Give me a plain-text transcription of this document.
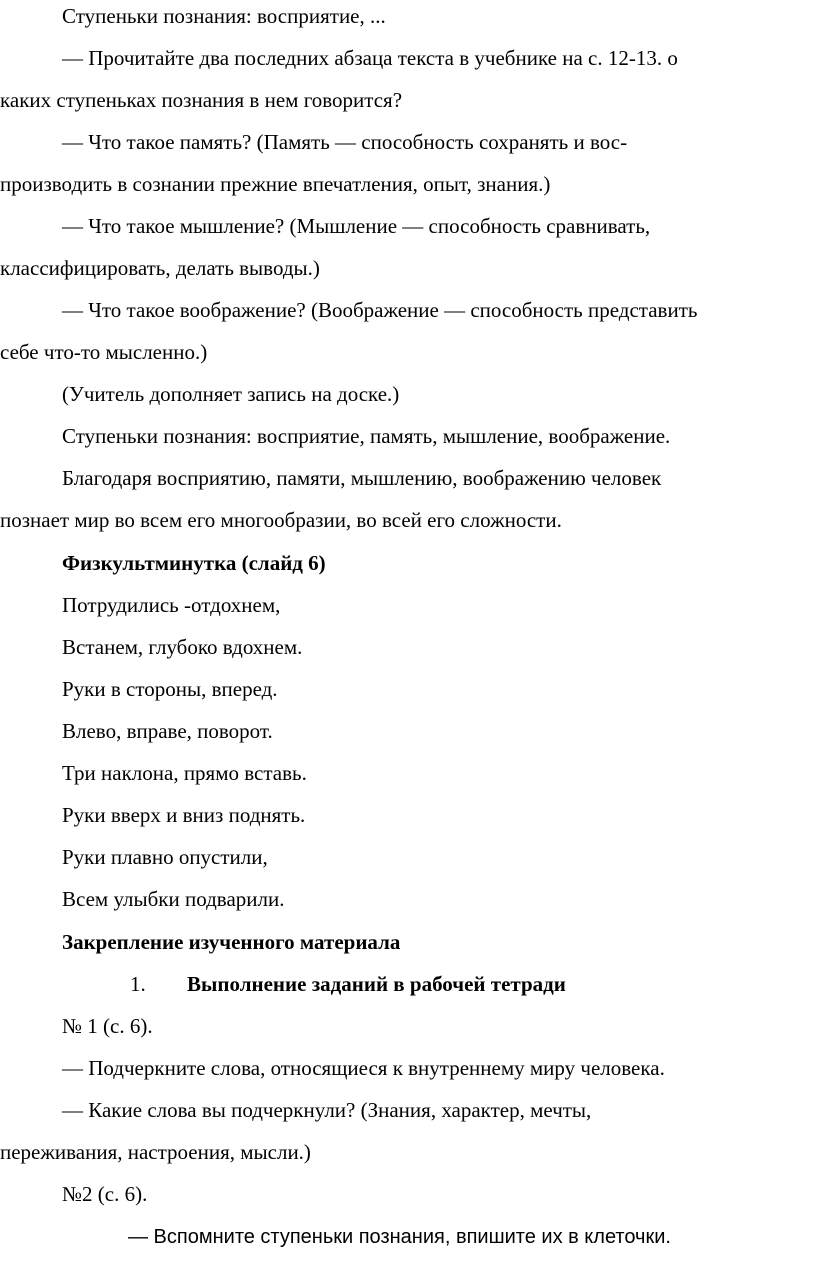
Ступеньки познания: восприятие, ...
— Прочитайте два последних абзаца текста в учебнике на с. 12-13. о
каких ступеньках познания в нем говорится?
— Что такое память? (Память — способность сохранять и вос-
производить в сознании прежние впечатления, опыт, знания.)
— Что такое мышление? (Мышление — способность сравнивать,
классифицировать, делать выводы.)
— Что такое воображение? (Воображение — способность представить
себе что-то мысленно.)
(Учитель дополняет запись на доске.)
Ступеньки познания: восприятие, память, мышление, воображение.
Благодаря восприятию, памяти, мышлению, воображению человек
познает мир во всем его многообразии, во всей его сложности.
Физкультминутка (слайд 6)
Потрудились -отдохнем,
Встанем, глубоко вдохнем.
Руки в стороны, вперед.
Влево, вправе, поворот.
Три наклона, прямо вставь.
Руки вверх и вниз поднять.
Руки плавно опустили,
Всем улыбки подварили.
Закрепление изученного материала
1. Выполнение заданий в рабочей тетради
№ 1 (с. 6).
— Подчеркните слова, относящиеся к внутреннему миру человека.
— Какие слова вы подчеркнули? (Знания, характер, мечты,
переживания, настроения, мысли.)
№2 (с. 6).
— Вспомните ступеньки познания, впишите их в клеточки.
